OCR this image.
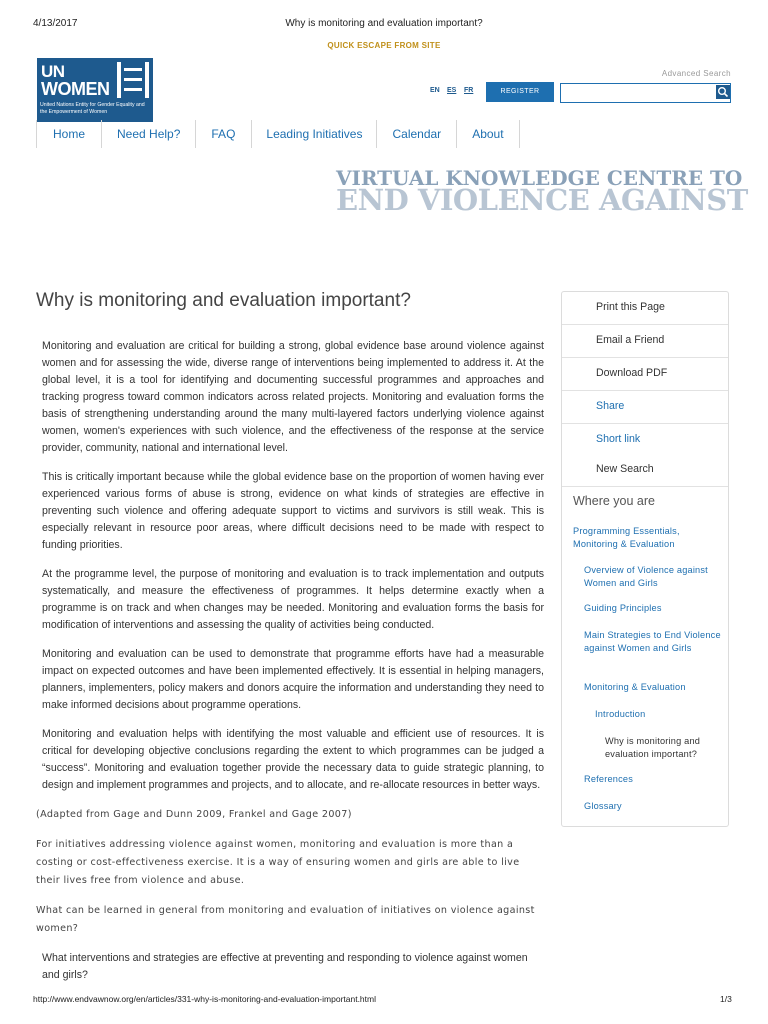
4/13/2017	Why is monitoring and evaluation important?
QUICK ESCAPE FROM SITE
UN
WOMEN
United Nations Entity for Gender Equality and the Empowerment of Women
EN ES FR	REGISTER
Advanced Search
Home	Need Help?	FAQ	Leading Initiatives	Calendar	About
VIRTUAL KNOWLEDGE CENTRE TO
END VIOLENCE AGAINST
Why is monitoring and evaluation important?

Monitoring and evaluation are critical for building a strong, global evidence base around violence against women and for assessing the wide, diverse range of interventions being implemented to address it. At the global level, it is a tool for identifying and documenting successful programmes and approaches and tracking progress toward common indicators across related projects. Monitoring and evaluation forms the basis of strengthening understanding around the many multi-layered factors underlying violence against women, women's experiences with such violence, and the effectiveness of the response at the service provider, community, national and international level.

This is critically important because while the global evidence base on the proportion of women having ever experienced various forms of abuse is strong, evidence on what kinds of strategies are effective in preventing such violence and offering adequate support to victims and survivors is still weak. This is especially relevant in resource poor areas, where difficult decisions need to be made with respect to funding priorities.

At the programme level, the purpose of monitoring and evaluation is to track implementation and outputs systematically, and measure the effectiveness of programmes. It helps determine exactly when a programme is on track and when changes may be needed. Monitoring and evaluation forms the basis for modification of interventions and assessing the quality of activities being conducted.

Monitoring and evaluation can be used to demonstrate that programme efforts have had a measurable impact on expected outcomes and have been implemented effectively. It is essential in helping managers, planners, implementers, policy makers and donors acquire the information and understanding they need to make informed decisions about programme operations.

Monitoring and evaluation helps with identifying the most valuable and efficient use of resources. It is critical for developing objective conclusions regarding the extent to which programmes can be judged a “success”. Monitoring and evaluation together provide the necessary data to guide strategic planning, to design and implement programmes and projects, and to allocate, and re-allocate resources in better ways.

(Adapted from Gage and Dunn 2009, Frankel and Gage 2007)

For initiatives addressing violence against women, monitoring and evaluation is more than a costing or cost-effectiveness exercise. It is a way of ensuring women and girls are able to live their lives free from violence and abuse.

What can be learned in general from monitoring and evaluation of initiatives on violence against women?

What interventions and strategies are effective at preventing and responding to violence against women and girls?

Print this Page
Email a Friend
Download PDF
Share
Short link
New Search
Where you are
Programming Essentials, Monitoring & Evaluation
Overview of Violence against Women and Girls
Guiding Principles
Main Strategies to End Violence against Women and Girls
Monitoring & Evaluation
Introduction
Why is monitoring and evaluation important?
References
Glossary
http://www.endvawnow.org/en/articles/331-why-is-monitoring-and-evaluation-important.html	1/3
